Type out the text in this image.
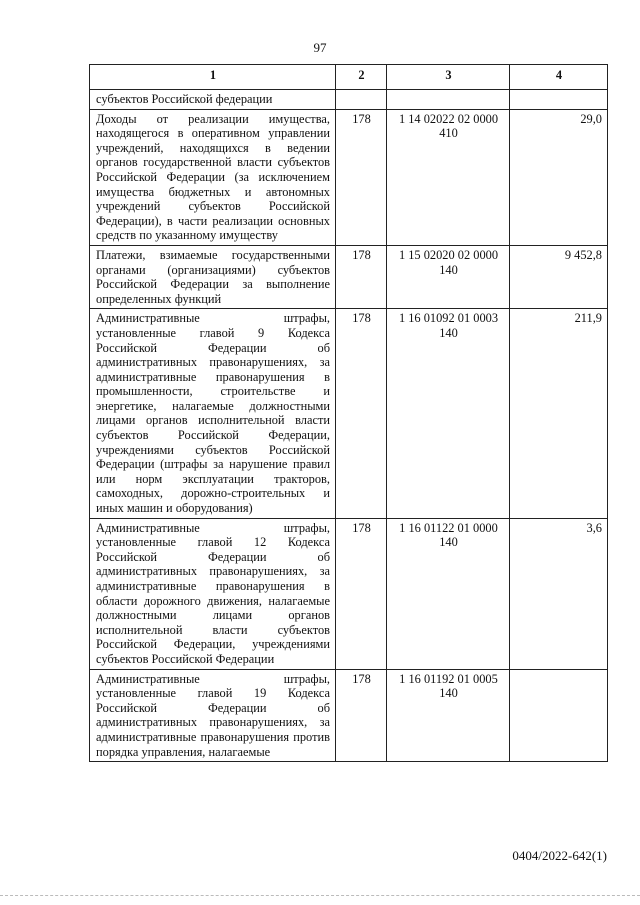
97
1	2	3	4
субъектов Российской федерации			
Доходы от реализации имущества, находящегося в оперативном управлении учреждений, находящихся в ведении органов государственной власти субъектов Российской Федерации (за исключением имущества бюджетных и автономных учреждений субъектов Российской Федерации), в части реализации основных средств по указанному имуществу	178	1 14 02022 02 0000 410	29,0
Платежи, взимаемые государственными органами (организациями) субъектов Российской Федерации за выполнение определенных функций	178	1 15 02020 02 0000 140	9 452,8
Административные штрафы, установленные главой 9 Кодекса Российской Федерации об административных правонарушениях, за административные правонарушения в промышленности, строительстве и энергетике, налагаемые должностными лицами органов исполнительной власти субъектов Российской Федерации, учреждениями субъектов Российской Федерации (штрафы за нарушение правил или норм эксплуатации тракторов, самоходных, дорожно-строительных и иных машин и оборудования)	178	1 16 01092 01 0003 140	211,9
Административные штрафы, установленные главой 12 Кодекса Российской Федерации об административных правонарушениях, за административные правонарушения в области дорожного движения, налагаемые должностными лицами органов исполнительной власти субъектов Российской Федерации, учреждениями субъектов Российской Федерации	178	1 16 01122 01 0000 140	3,6
Административные штрафы, установленные главой 19 Кодекса Российской Федерации об административных правонарушениях, за административные правонарушения против порядка управления, налагаемые	178	1 16 01192 01 0005 140	
0404/2022-642(1)
